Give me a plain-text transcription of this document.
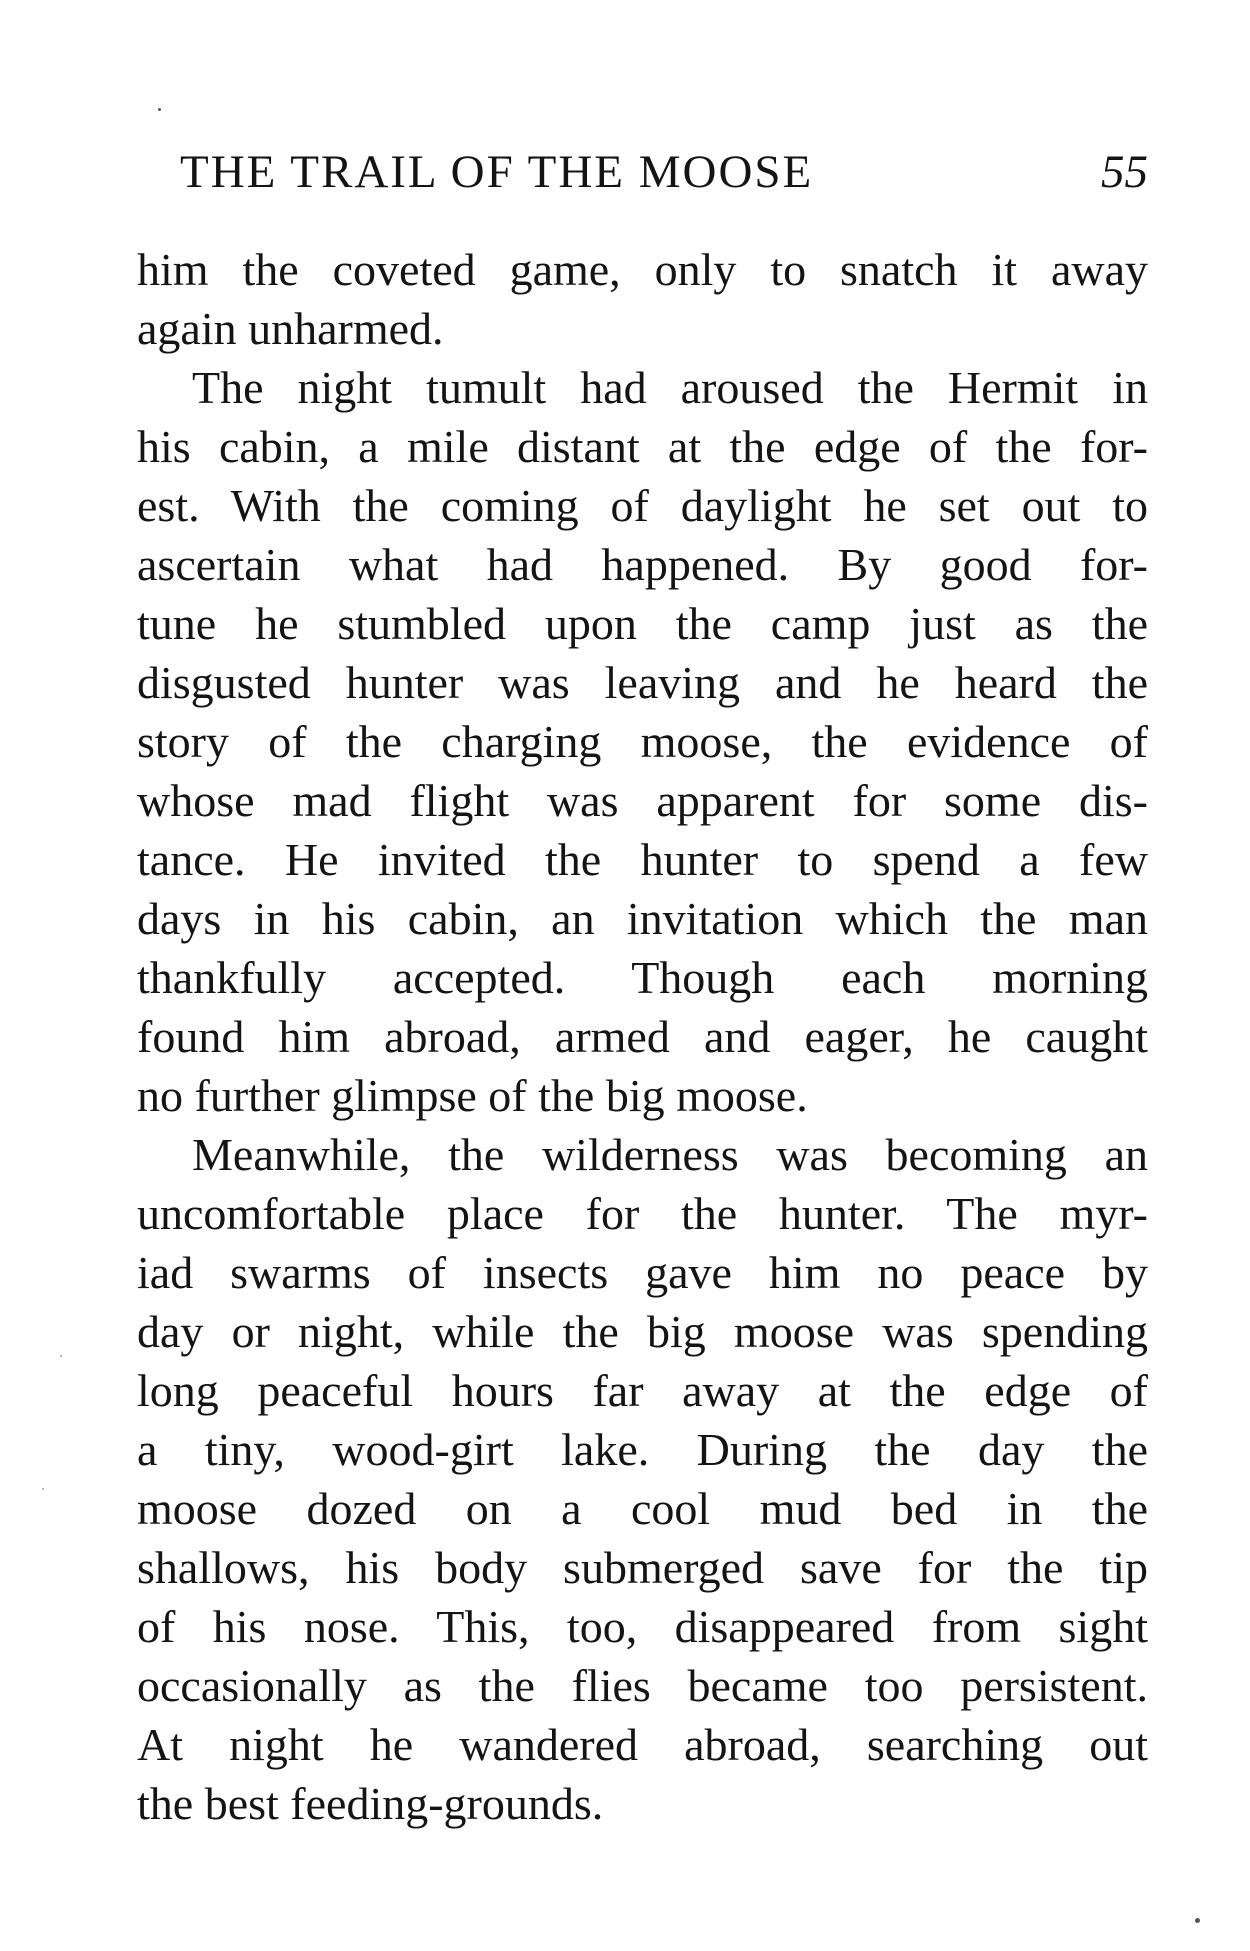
THE TRAIL OF THE MOOSE	55
him the coveted game, only to snatch it away
again unharmed.
The night tumult had aroused the Hermit in
his cabin, a mile distant at the edge of the for-
est. With the coming of daylight he set out to
ascertain what had happened. By good for-
tune he stumbled upon the camp just as the
disgusted hunter was leaving and he heard the
story of the charging moose, the evidence of
whose mad flight was apparent for some dis-
tance. He invited the hunter to spend a few
days in his cabin, an invitation which the man
thankfully accepted. Though each morning
found him abroad, armed and eager, he caught
no further glimpse of the big moose.
Meanwhile, the wilderness was becoming an
uncomfortable place for the hunter. The myr-
iad swarms of insects gave him no peace by
day or night, while the big moose was spending
long peaceful hours far away at the edge of
a tiny, wood-girt lake. During the day the
moose dozed on a cool mud bed in the
shallows, his body submerged save for the tip
of his nose. This, too, disappeared from sight
occasionally as the flies became too persistent.
At night he wandered abroad, searching out
the best feeding-grounds.
